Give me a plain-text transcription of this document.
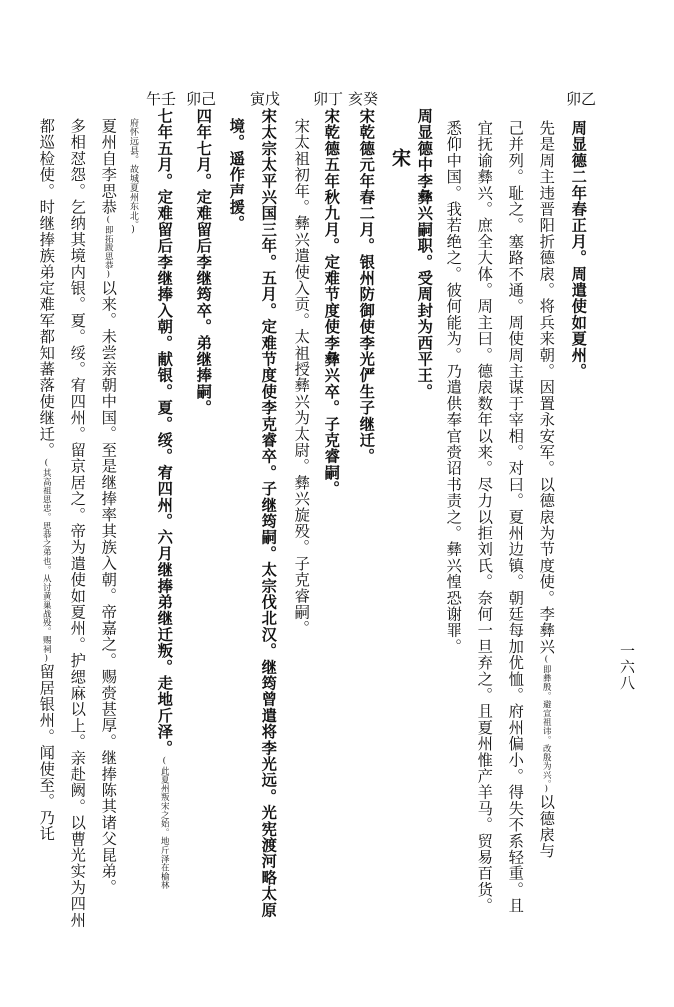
一六八
卯乙
亥癸
卯丁
寅戊
卯己
午壬
宋	周显德二年春正月。周遣使如夏州。
先是周主违晋阳折德扆。将兵来朝。因置永安军。以德扆为节度使。李彝兴(即彝殷。避宣祖讳。改殷为兴。)以德扆与
己并列。耻之。塞路不通。周使周主谋于宰相。对曰。夏州边镇。朝廷每加优恤。府州偏小。得失不系轻重。且
宜抚谕彝兴。庶全大体。周主曰。德扆数年以来。尽力以拒刘氏。奈何一旦弃之。且夏州惟产羊马。贸易百货。
悉仰中国。我若绝之。彼何能为。乃遣供奉官赍诏书责之。彝兴惶恐谢罪。
周显德中李彝兴嗣职。受周封为西平王。
宋乾德元年春二月。银州防御使李光俨生子继迁。
宋乾德五年秋九月。定难节度使李彝兴卒。子克睿嗣。
宋太祖初年。彝兴遣使入贡。太祖授彝兴为太尉。彝兴旋殁。子克睿嗣。
宋太宗太平兴国三年。五月。定难节度使李克睿卒。子继筠嗣。太宗伐北汉。继筠曾遣将李光远。光宪渡河略太原
境。遥作声援。
四年七月。定难留后李继筠卒。弟继捧嗣。
七年五月。定难留后李继捧入朝。献银。夏。绥。宥四州。六月继捧弟继迁叛。走地斤泽。(此夏州叛宋之始。地斤泽在榆林
府怀远县。故城夏州东北。)
夏州自李思恭(即拓跋思恭)以来。未尝亲朝中国。至是继捧率其族入朝。帝嘉之。赐赍甚厚。继捧陈其诸父昆弟。
多相怼怨。乞纳其境内银。夏。绥。宥四州。留京居之。帝为遣使如夏州。护缌麻以上。亲赴阙。以曹光实为四州
都巡检使。时继捧族弟定难军都知蕃落使继迁。(其高祖思忠。思恭之弟也。从讨黄巢战殁。赐祠)留居银州。闻使至。乃讬
